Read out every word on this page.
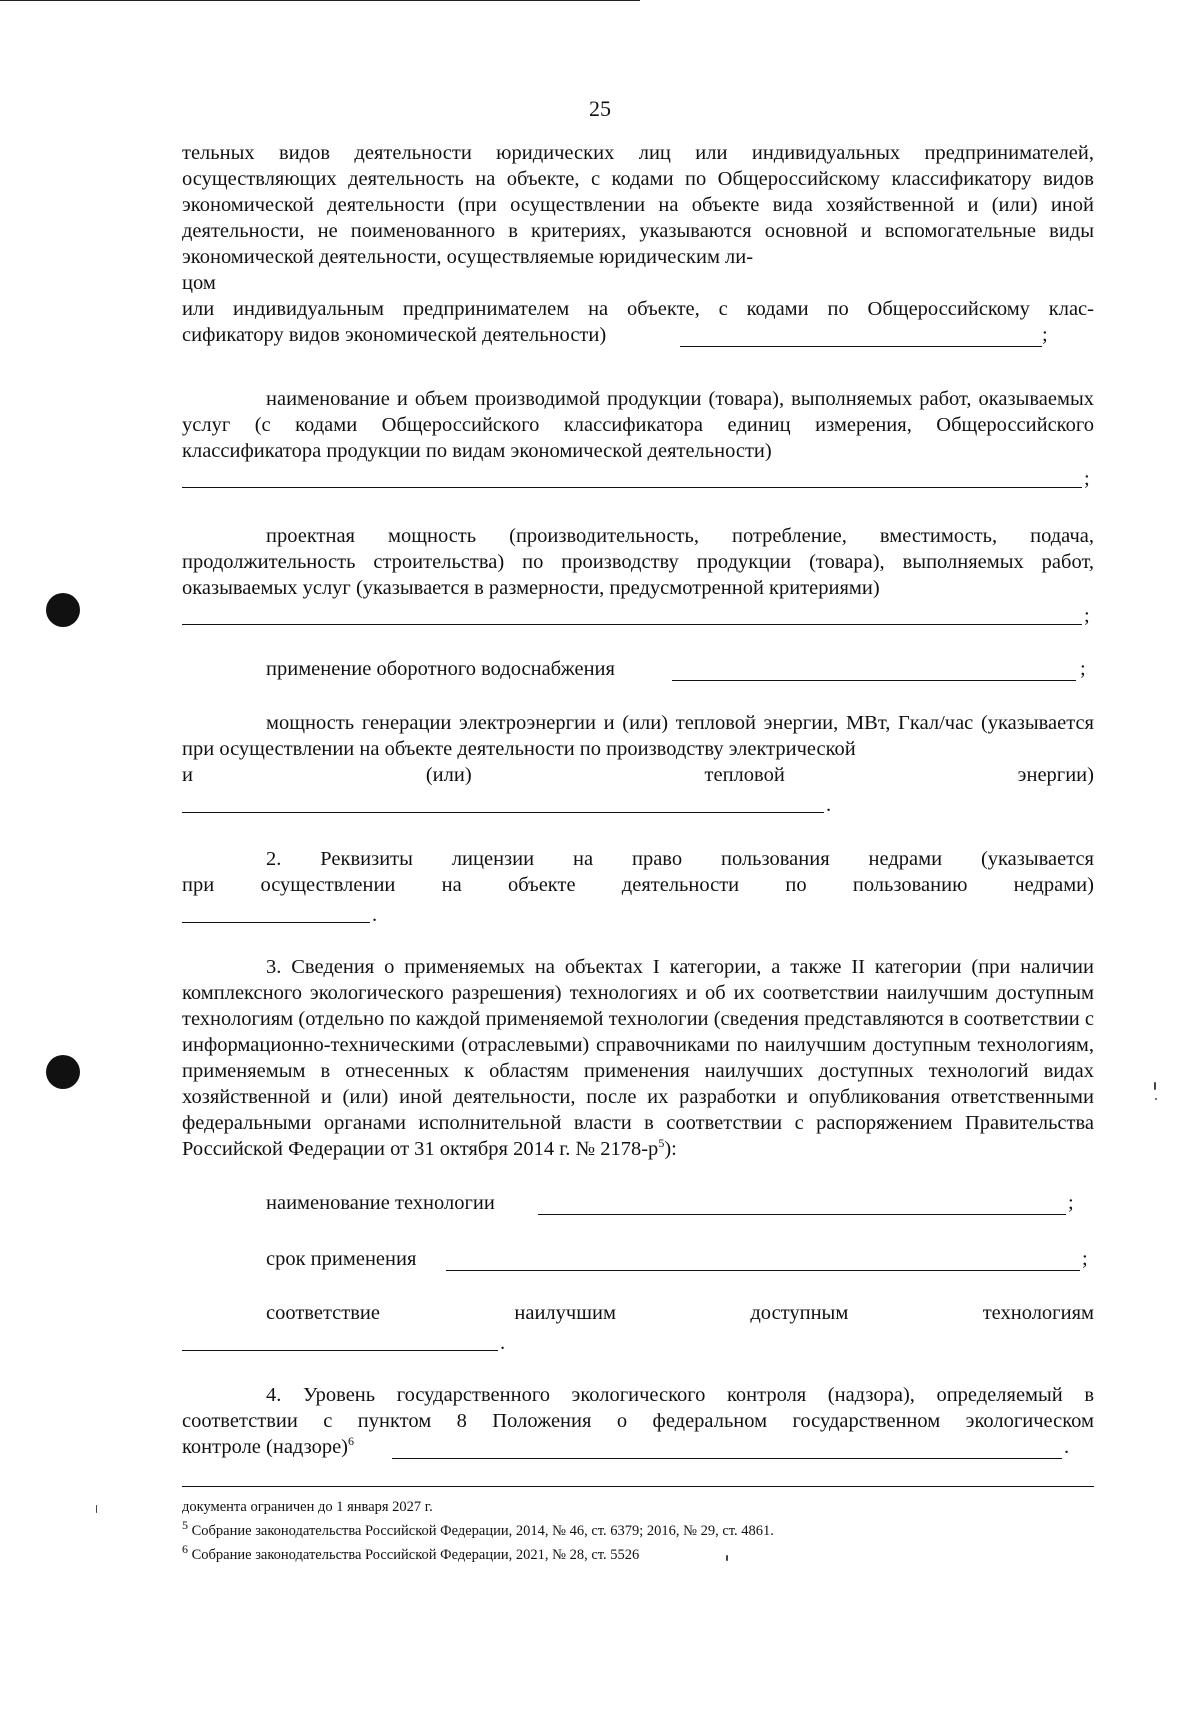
25
тельных видов деятельности юридических лиц или индивидуальных предпринимателей, осуществляющих деятельность на объекте, с кодами по Общероссийскому классификатору видов экономической деятельности (при осуществлении на объекте вида хозяйственной и (или) иной деятельности, не поименованного в критериях, указываются основной и вспомогательные виды экономической деятельности, осуществляемые юридическим ли-
цом
или индивидуальным предпринимателем на объекте, с кодами по Общероссийскому клас-
сификатору видов экономической деятельности)	;
наименование и объем производимой продукции (товара), выполняемых работ, оказываемых услуг (с кодами Общероссийского классификатора единиц измерения, Общероссийского классификатора продукции по видам экономической деятельности)
;
проектная мощность (производительность, потребление, вместимость, подача, продолжительность строительства) по производству продукции (товара), выполняемых работ, оказываемых услуг (указывается в размерности, предусмотренной критериями)
;
применение оборотного водоснабжения	;
мощность генерации электроэнергии и (или) тепловой энергии, МВт, Гкал/час (указывается при осуществлении на объекте деятельности по производству электрической
и	(или)	тепловой	энергии)
.
2. Реквизиты лицензии на право пользования недрами (указывается
при осуществлении на объекте деятельности по пользованию недрами)
.
3. Сведения о применяемых на объектах I категории, а также II категории (при наличии комплексного экологического разрешения) технологиях и об их соответствии наилучшим доступным технологиям (отдельно по каждой применяемой технологии (сведения представляются в соответствии с информационно-техническими (отраслевыми) справочниками по наилучшим доступным технологиям, применяемым в отнесенных к областям применения наилучших доступных технологий видах хозяйственной и (или) иной деятельности, после их разработки и опубликования ответственными федеральными органами исполнительной власти в соответствии с распоряжением Правительства Российской Федерации от 31 октября 2014 г. № $2178-р^5$):
наименование технологии	;
срок применения	;
соответствие	наилучшим	доступным	технологиям
.
4. Уровень государственного экологического контроля (надзора), определяемый в соответствии с пунктом 8 Положения о федеральном государственном экологическом
контроле (надзоре)$^6$	.
документа ограничен до 1 января 2027 г.
$^5$ Собрание законодательства Российской Федерации, 2014, № 46, ст. 6379; 2016, № 29, ст. 4861.
$^6$ Собрание законодательства Российской Федерации, 2021, № 28, ст. 5526
